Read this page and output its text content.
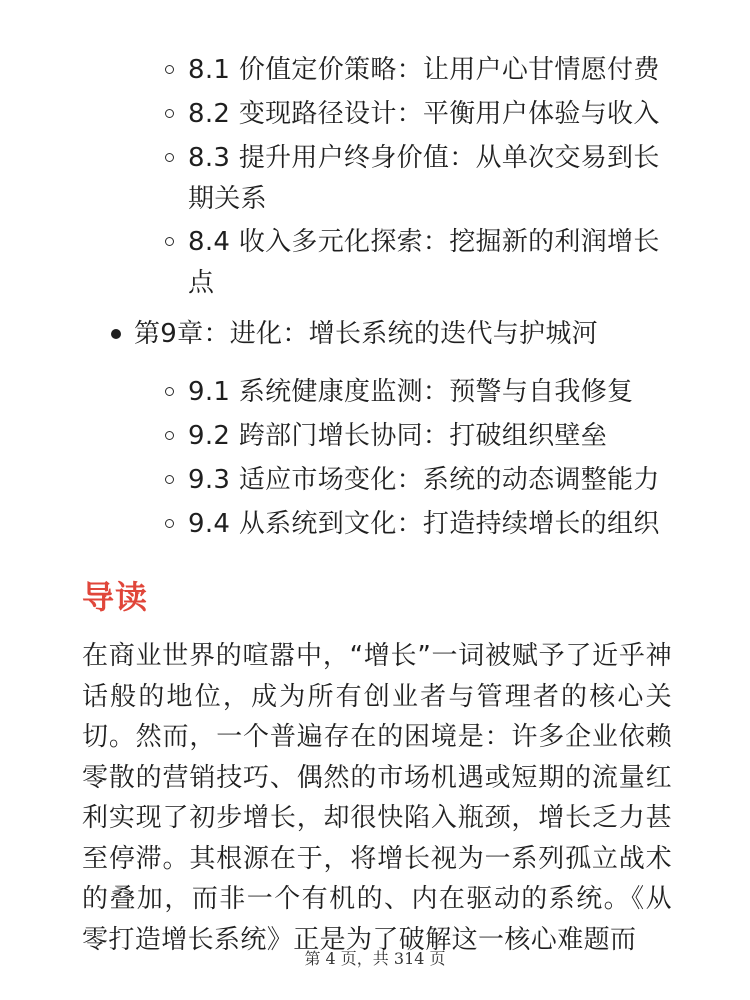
8.1 价值定价策略：让用户心甘情愿付费
8.2 变现路径设计：平衡用户体验与收入
8.3 提升用户终身价值：从单次交易到长期关系
8.4 收入多元化探索：挖掘新的利润增长点
第9章：进化：增长系统的迭代与护城河
9.1 系统健康度监测：预警与自我修复
9.2 跨部门增长协同：打破组织壁垒
9.3 适应市场变化：系统的动态调整能力
9.4 从系统到文化：打造持续增长的组织
导读

在商业世界的喧嚣中，“增长”一词被赋予了近乎神话般的地位，成为所有创业者与管理者的核心关切。然而，一个普遍存在的困境是：许多企业依赖零散的营销技巧、偶然的市场机遇或短期的流量红利实现了初步增长，却很快陷入瓶颈，增长乏力甚至停滞。其根源在于，将增长视为一系列孤立战术的叠加，而非一个有机的、内在驱动的系统。《从零打造增长系统》正是为了破解这一核心难题而

第 4 页，共 314 页
